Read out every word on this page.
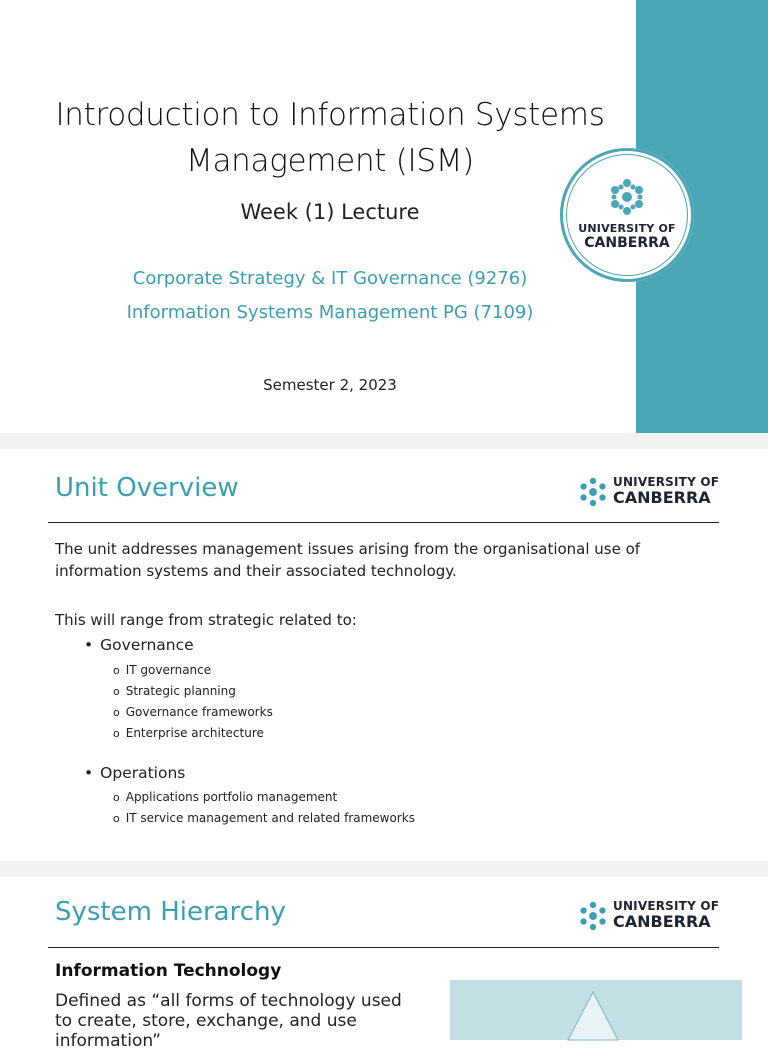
Introduction to Information Systems
Management (ISM)
Week (1) Lecture
Corporate Strategy & IT Governance (9276)
Information Systems Management PG (7109)
Semester 2, 2023
UNIVERSITY OF
CANBERRA
Unit Overview	UNIVERSITY OF
CANBERRA
The unit addresses management issues arising from the organisational use of information systems and their associated technology.
This will range from strategic related to:
• Governance
o IT governance
o Strategic planning
o Governance frameworks
o Enterprise architecture
• Operations
o Applications portfolio management
o IT service management and related frameworks
System Hierarchy	UNIVERSITY OF
CANBERRA
Information Technology
Defined as “all forms of technology used to create, store, exchange, and use information”
